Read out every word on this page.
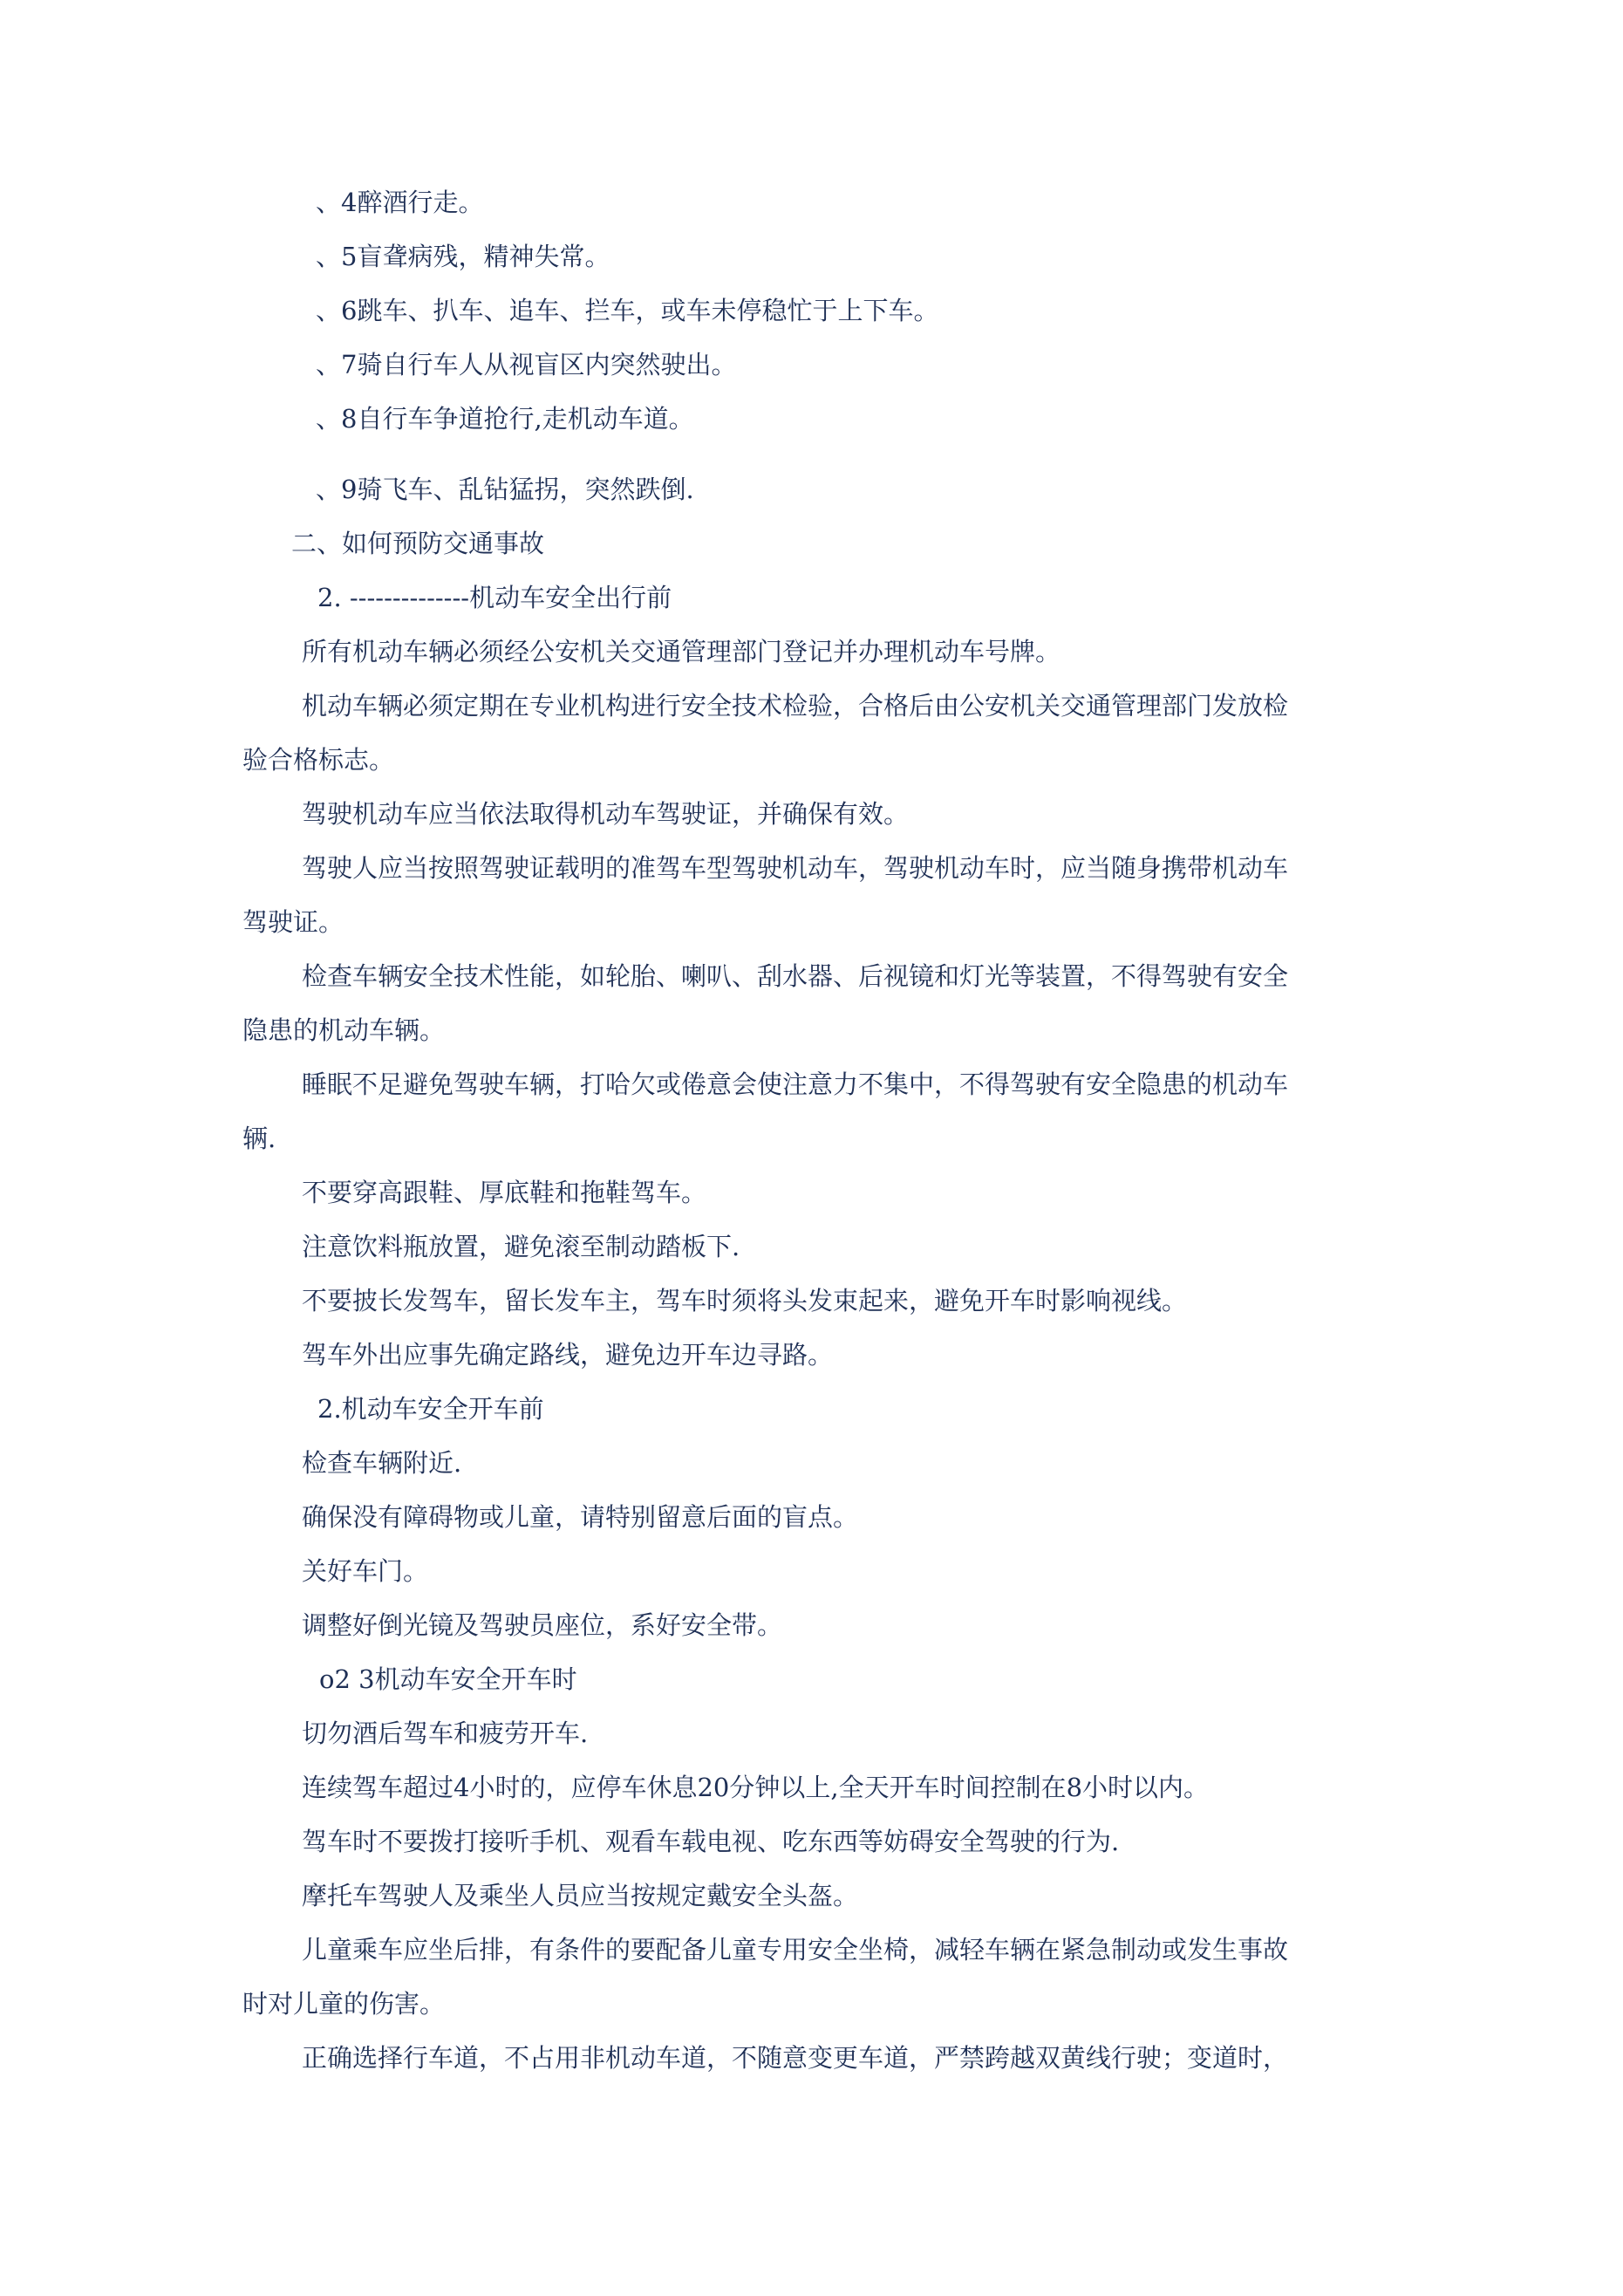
、4醉酒行走。

、5盲聋病残，精神失常。

、6跳车、扒车、追车、拦车，或车未停稳忙于上下车。

、7骑自行车人从视盲区内突然驶出。

、8自行车争道抢行,走机动车道。

、9骑飞车、乱钻猛拐，突然跌倒.

二、如何预防交通事故

2. --------------机动车安全出行前

所有机动车辆必须经公安机关交通管理部门登记并办理机动车号牌。

机动车辆必须定期在专业机构进行安全技术检验，合格后由公安机关交通管理部门发放检

验合格标志。

驾驶机动车应当依法取得机动车驾驶证，并确保有效。

驾驶人应当按照驾驶证载明的准驾车型驾驶机动车，驾驶机动车时，应当随身携带机动车

驾驶证。

检查车辆安全技术性能，如轮胎、喇叭、刮水器、后视镜和灯光等装置，不得驾驶有安全

隐患的机动车辆。

睡眠不足避免驾驶车辆，打哈欠或倦意会使注意力不集中，不得驾驶有安全隐患的机动车

辆.

不要穿高跟鞋、厚底鞋和拖鞋驾车。

注意饮料瓶放置，避免滚至制动踏板下.

不要披长发驾车，留长发车主，驾车时须将头发束起来，避免开车时影响视线。

驾车外出应事先确定路线，避免边开车边寻路。

2.机动车安全开车前

检查车辆附近.

确保没有障碍物或儿童，请特别留意后面的盲点。

关好车门。

调整好倒光镜及驾驶员座位，系好安全带。

o2 3机动车安全开车时

切勿酒后驾车和疲劳开车.

连续驾车超过4小时的，应停车休息20分钟以上,全天开车时间控制在8小时以内。

驾车时不要拨打接听手机、观看车载电视、吃东西等妨碍安全驾驶的行为.

摩托车驾驶人及乘坐人员应当按规定戴安全头盔。

儿童乘车应坐后排，有条件的要配备儿童专用安全坐椅，减轻车辆在紧急制动或发生事故

时对儿童的伤害。

正确选择行车道，不占用非机动车道，不随意变更车道，严禁跨越双黄线行驶；变道时，
